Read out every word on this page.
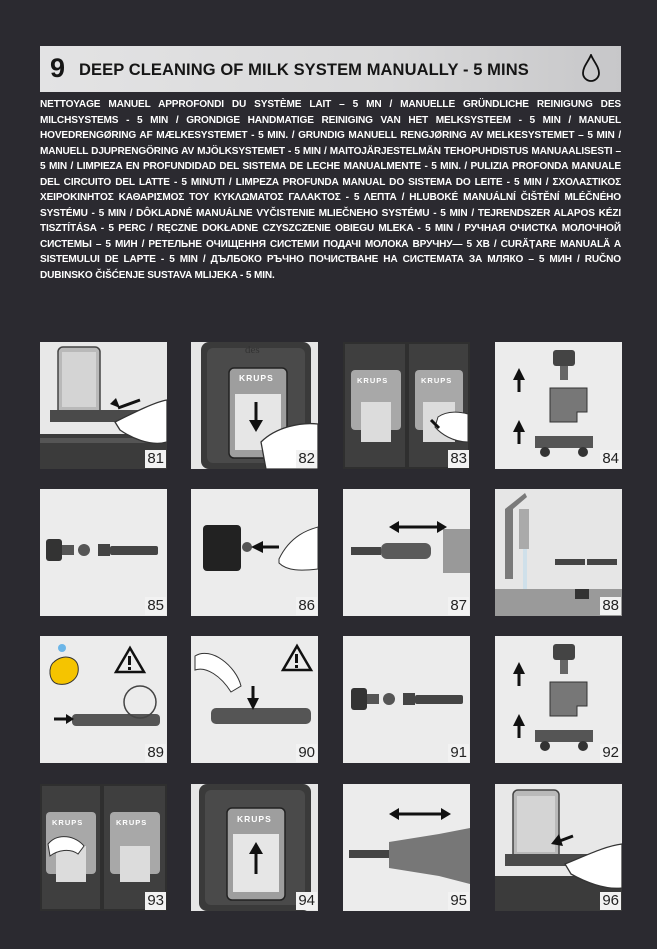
9 DEEP CLEANING OF MILK SYSTEM MANUALLY - 5 MINS
NETTOYAGE MANUEL APPROFONDI DU SYSTÈME LAIT – 5 MN / MANUELLE GRÜNDLICHE REINIGUNG DES MILCHSYSTEMS - 5 MIN / GRONDIGE HANDMATIGE REINIGING VAN HET MELKSYSTEEM - 5 MIN / MANUEL HOVEDRENGØRING AF MÆLKESYSTEMET - 5 MIN. / GRUNDIG MANUELL RENGJØRING AV MELKESYSTEMET – 5 MIN / MANUELL DJUPRENGÖRING AV MJÖLKSYSTEMET - 5 MIN / MAITOJÄRJESTELMÄN TEHOPUHDISTUS MANUAALISESTI – 5 MIN / LIMPIEZA EN PROFUNDIDAD DEL SISTEMA DE LECHE MANUALMENTE - 5 MIN. / PULIZIA PROFONDA MANUALE DEL CIRCUITO DEL LATTE - 5 MINUTI / LIMPEZA PROFUNDA MANUAL DO SISTEMA DO LEITE - 5 MIN / ΣΧΟΛΑΣΤΙΚΟΣ ΧΕΙΡΟΚΙΝΗΤΟΣ ΚΑΘΑΡΙΣΜΟΣ ΤΟΥ ΚΥΚΛΩΜΑΤΟΣ ΓΑΛΑΚΤΟΣ - 5 ΛΕΠΤΑ / HLUBOKÉ MANUÁLNÍ ČIŠTĚNÍ MLÉČNÉHO SYSTÉMU - 5 MIN / DÔKLADNÉ MANUÁLNE VYČISTENIE MLIEČNEHO SYSTÉMU - 5 MIN / TEJRENDSZER ALAPOS KÉZI TISZTÍTÁSA - 5 PERC / RĘCZNE DOKŁADNE CZYSZCZENIE OBIEGU MLEKA - 5 MIN / РУЧНАЯ ОЧИСТКА МОЛОЧНОЙ СИСТЕМЫ – 5 МИН / РЕТЕЛЬНЕ ОЧИЩЕННЯ СИСТЕМИ ПОДАЧІ МОЛОКА ВРУЧНУ— 5 ХВ / CURĂȚARE MANUALĂ A SISTEMULUI DE LAPTE - 5 MIN / ДЪЛБОКО РЪЧНО ПОЧИСТВАНЕ НА СИСТЕМАТА ЗА МЛЯКО – 5 МИН / RUČNO DUBINSKO ČIŠĆENJE SUSTAVA MLIJEKA - 5 MIN.
81
des
KRUPS
82
KRUPS	KRUPS
83	84
85	86	87	88
89	90	91	92
KRUPS	KRUPS
93
KRUPS
94	95	96
